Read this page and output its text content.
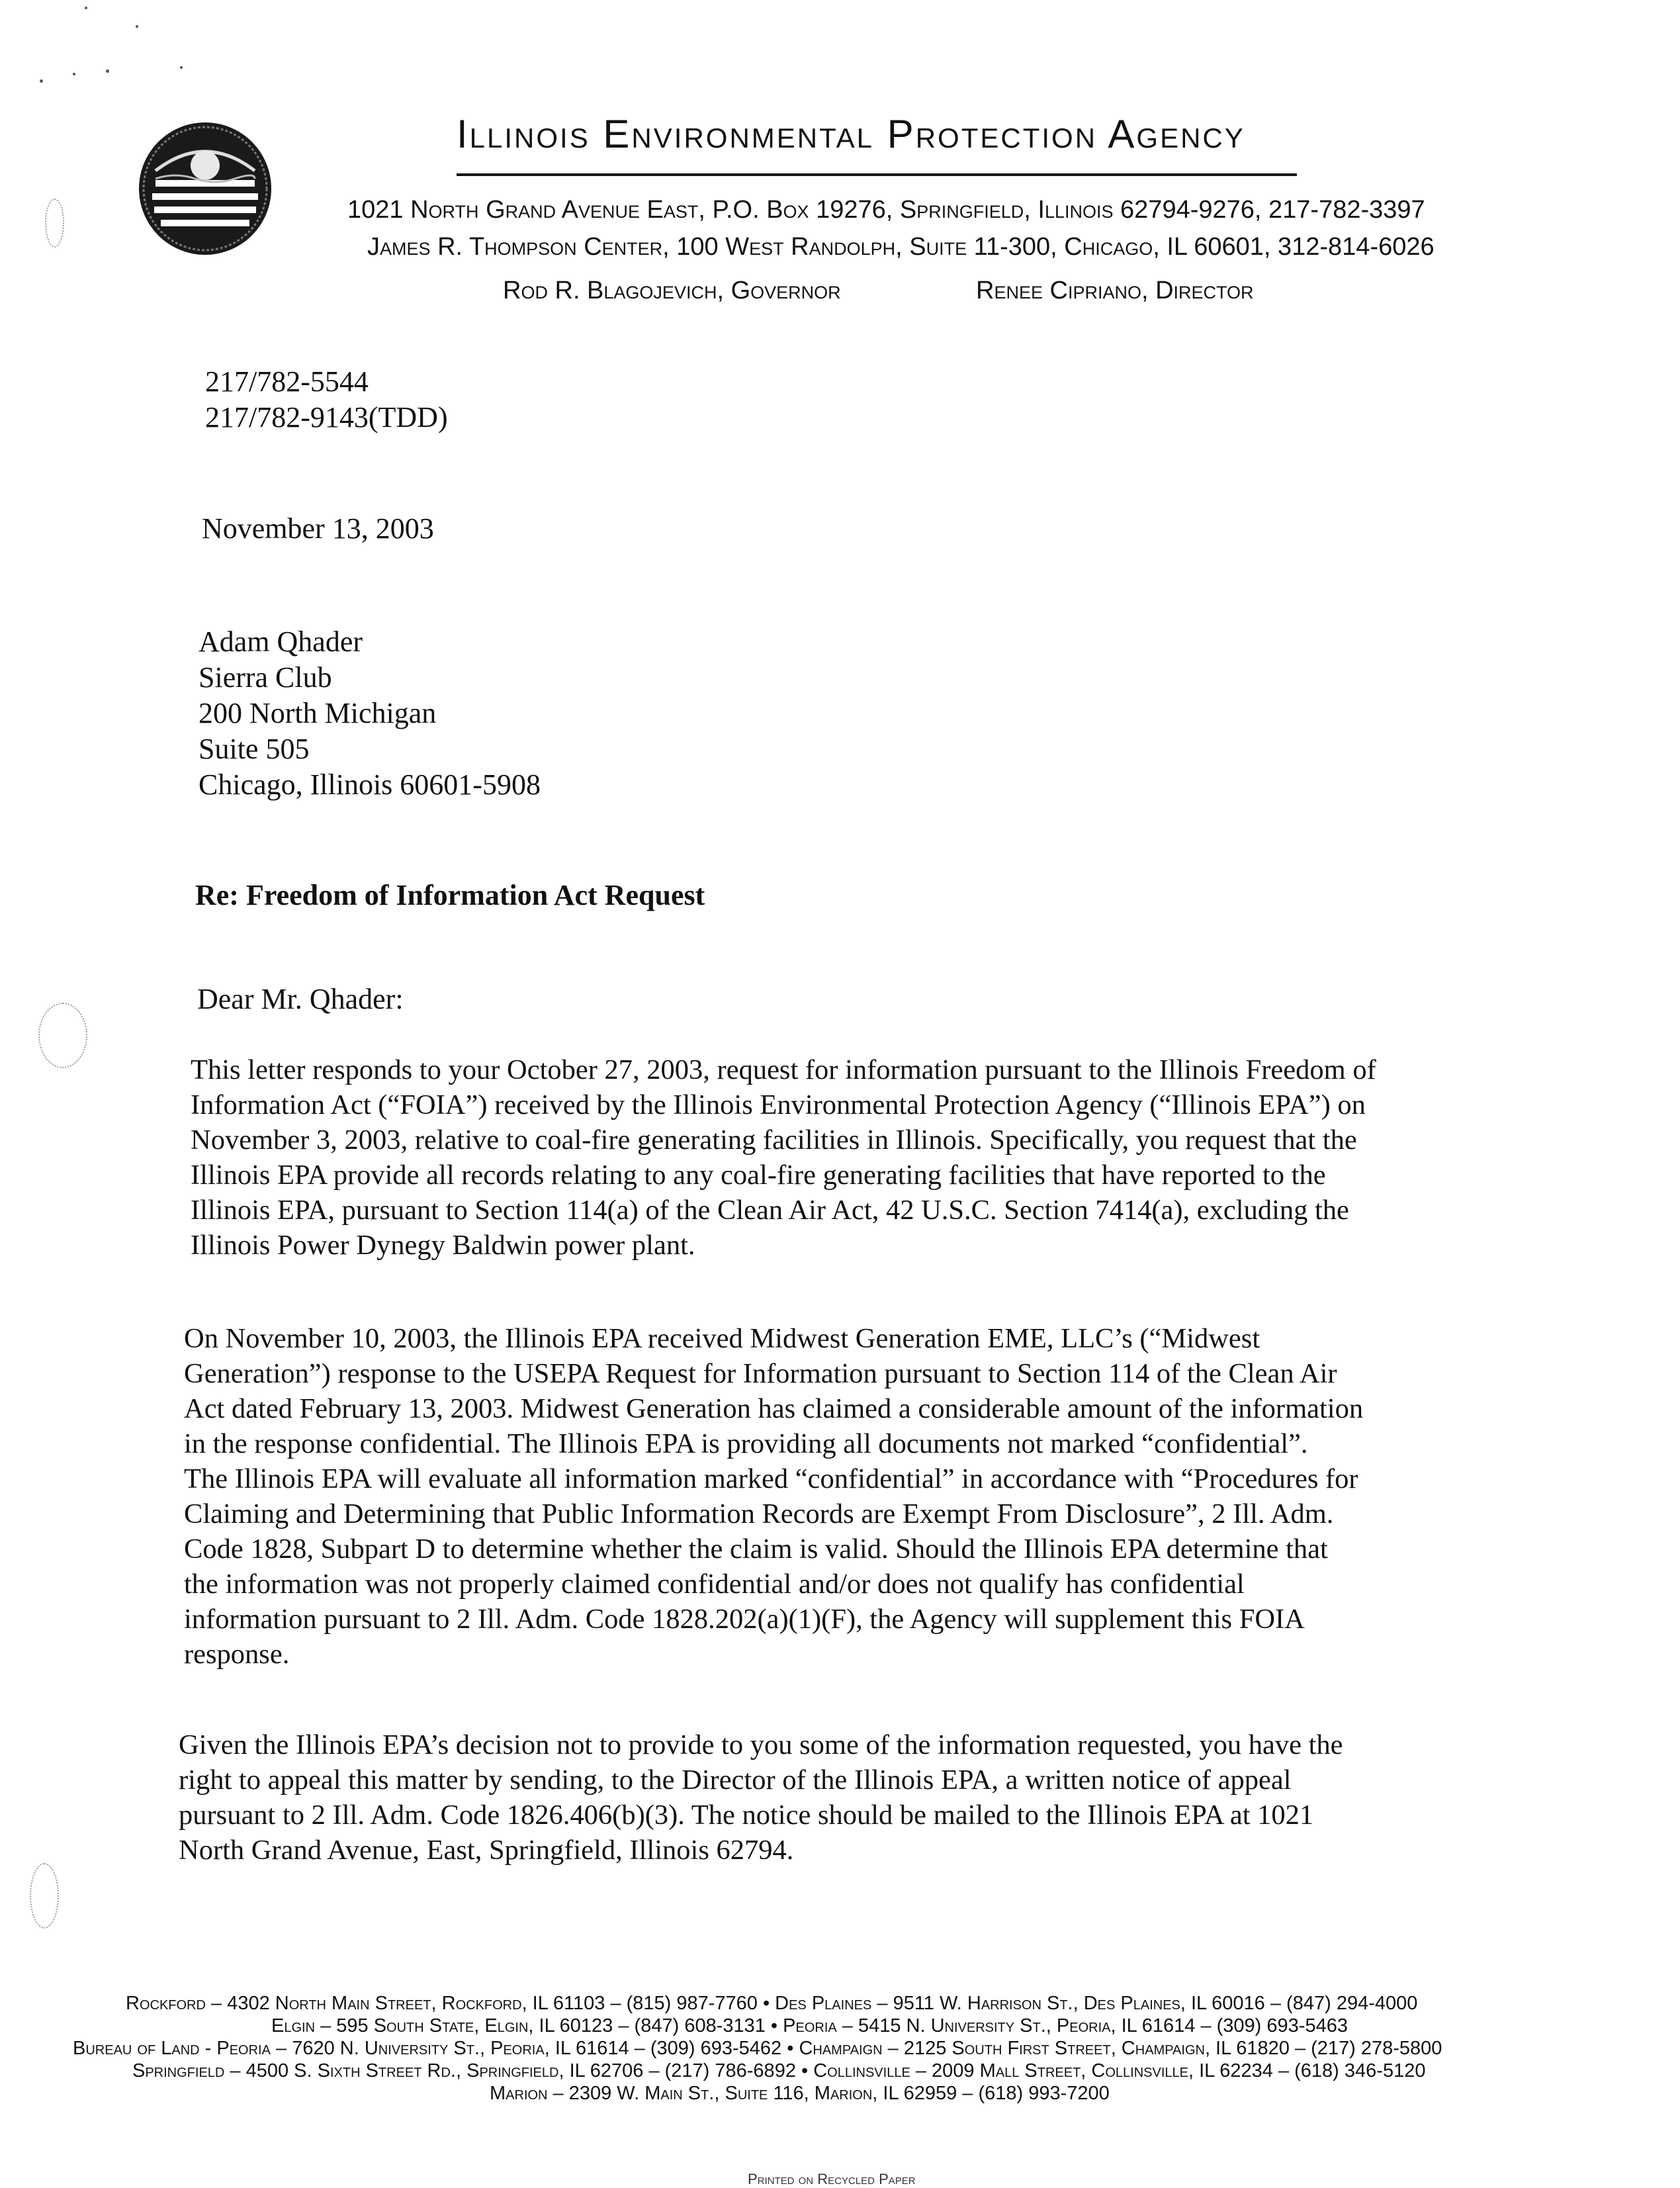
Illinois Environmental Protection Agency
1021 North Grand Avenue East, P.O. Box 19276, Springfield, Illinois 62794-9276, 217-782-3397
James R. Thompson Center, 100 West Randolph, Suite 11-300, Chicago, IL 60601, 312-814-6026
Rod R. Blagojevich, Governor	Renee Cipriano, Director
217/782-5544
217/782-9143(TDD)
November 13, 2003
Adam Qhader
Sierra Club
200 North Michigan
Suite 505
Chicago, Illinois 60601-5908
Re: Freedom of Information Act Request
Dear Mr. Qhader:
This letter responds to your October 27, 2003, request for information pursuant to the Illinois Freedom of
Information Act (“FOIA”) received by the Illinois Environmental Protection Agency (“Illinois EPA”) on
November 3, 2003, relative to coal-fire generating facilities in Illinois. Specifically, you request that the
Illinois EPA provide all records relating to any coal-fire generating facilities that have reported to the
Illinois EPA, pursuant to Section 114(a) of the Clean Air Act, 42 U.S.C. Section 7414(a), excluding the
Illinois Power Dynegy Baldwin power plant.
On November 10, 2003, the Illinois EPA received Midwest Generation EME, LLC’s (“Midwest
Generation”) response to the USEPA Request for Information pursuant to Section 114 of the Clean Air
Act dated February 13, 2003. Midwest Generation has claimed a considerable amount of the information
in the response confidential. The Illinois EPA is providing all documents not marked “confidential”.
The Illinois EPA will evaluate all information marked “confidential” in accordance with “Procedures for
Claiming and Determining that Public Information Records are Exempt From Disclosure”, 2 Ill. Adm.
Code 1828, Subpart D to determine whether the claim is valid. Should the Illinois EPA determine that
the information was not properly claimed confidential and/or does not qualify has confidential
information pursuant to 2 Ill. Adm. Code 1828.202(a)(1)(F), the Agency will supplement this FOIA
response.
Given the Illinois EPA’s decision not to provide to you some of the information requested, you have the
right to appeal this matter by sending, to the Director of the Illinois EPA, a written notice of appeal
pursuant to 2 Ill. Adm. Code 1826.406(b)(3). The notice should be mailed to the Illinois EPA at 1021
North Grand Avenue, East, Springfield, Illinois 62794.
Rockford – 4302 North Main Street, Rockford, IL 61103 – (815) 987-7760 • Des Plaines – 9511 W. Harrison St., Des Plaines, IL 60016 – (847) 294-4000
Elgin – 595 South State, Elgin, IL 60123 – (847) 608-3131 • Peoria – 5415 N. University St., Peoria, IL 61614 – (309) 693-5463
Bureau of Land - Peoria – 7620 N. University St., Peoria, IL 61614 – (309) 693-5462 • Champaign – 2125 South First Street, Champaign, IL 61820 – (217) 278-5800
Springfield – 4500 S. Sixth Street Rd., Springfield, IL 62706 – (217) 786-6892 • Collinsville – 2009 Mall Street, Collinsville, IL 62234 – (618) 346-5120
Marion – 2309 W. Main St., Suite 116, Marion, IL 62959 – (618) 993-7200
Printed on Recycled Paper
